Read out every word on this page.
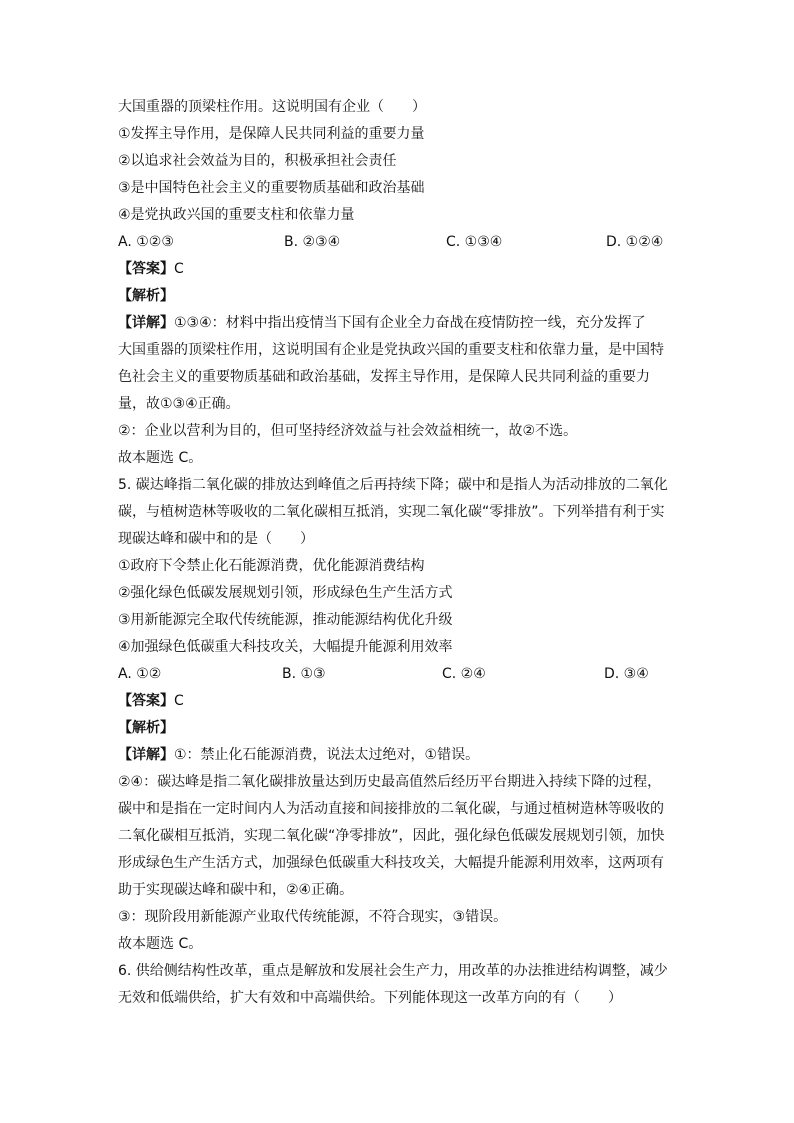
大国重器的顶梁柱作用。这说明国有企业（　　）
①发挥主导作用，是保障人民共同利益的重要力量
②以追求社会效益为目的，积极承担社会责任
③是中国特色社会主义的重要物质基础和政治基础
④是党执政兴国的重要支柱和依靠力量
A. ①②③	B. ②③④	C. ①③④	D. ①②④
【答案】C
【解析】
【详解】①③④：材料中指出疫情当下国有企业全力奋战在疫情防控一线，充分发挥了
大国重器的顶梁柱作用，这说明国有企业是党执政兴国的重要支柱和依靠力量，是中国特
色社会主义的重要物质基础和政治基础，发挥主导作用，是保障人民共同利益的重要力
量，故①③④正确。
②：企业以营利为目的，但可坚持经济效益与社会效益相统一，故②不选。
故本题选 C。
5. 碳达峰指二氧化碳的排放达到峰值之后再持续下降；碳中和是指人为活动排放的二氧化
碳，与植树造林等吸收的二氧化碳相互抵消，实现二氧化碳“零排放”。下列举措有利于实
现碳达峰和碳中和的是（　　）
①政府下令禁止化石能源消费，优化能源消费结构
②强化绿色低碳发展规划引领，形成绿色生产生活方式
③用新能源完全取代传统能源，推动能源结构优化升级
④加强绿色低碳重大科技攻关，大幅提升能源利用效率
A. ①②	B. ①③	C. ②④	D. ③④
【答案】C
【解析】
【详解】①：禁止化石能源消费，说法太过绝对，①错误。
②④：碳达峰是指二氧化碳排放量达到历史最高值然后经历平台期进入持续下降的过程，
碳中和是指在一定时间内人为活动直接和间接排放的二氧化碳，与通过植树造林等吸收的
二氧化碳相互抵消，实现二氧化碳“净零排放”，因此，强化绿色低碳发展规划引领，加快
形成绿色生产生活方式，加强绿色低碳重大科技攻关，大幅提升能源利用效率，这两项有
助于实现碳达峰和碳中和，②④正确。
③：现阶段用新能源产业取代传统能源，不符合现实，③错误。
故本题选 C。
6. 供给侧结构性改革，重点是解放和发展社会生产力，用改革的办法推进结构调整，减少
无效和低端供给，扩大有效和中高端供给。下列能体现这一改革方向的有（　　）
